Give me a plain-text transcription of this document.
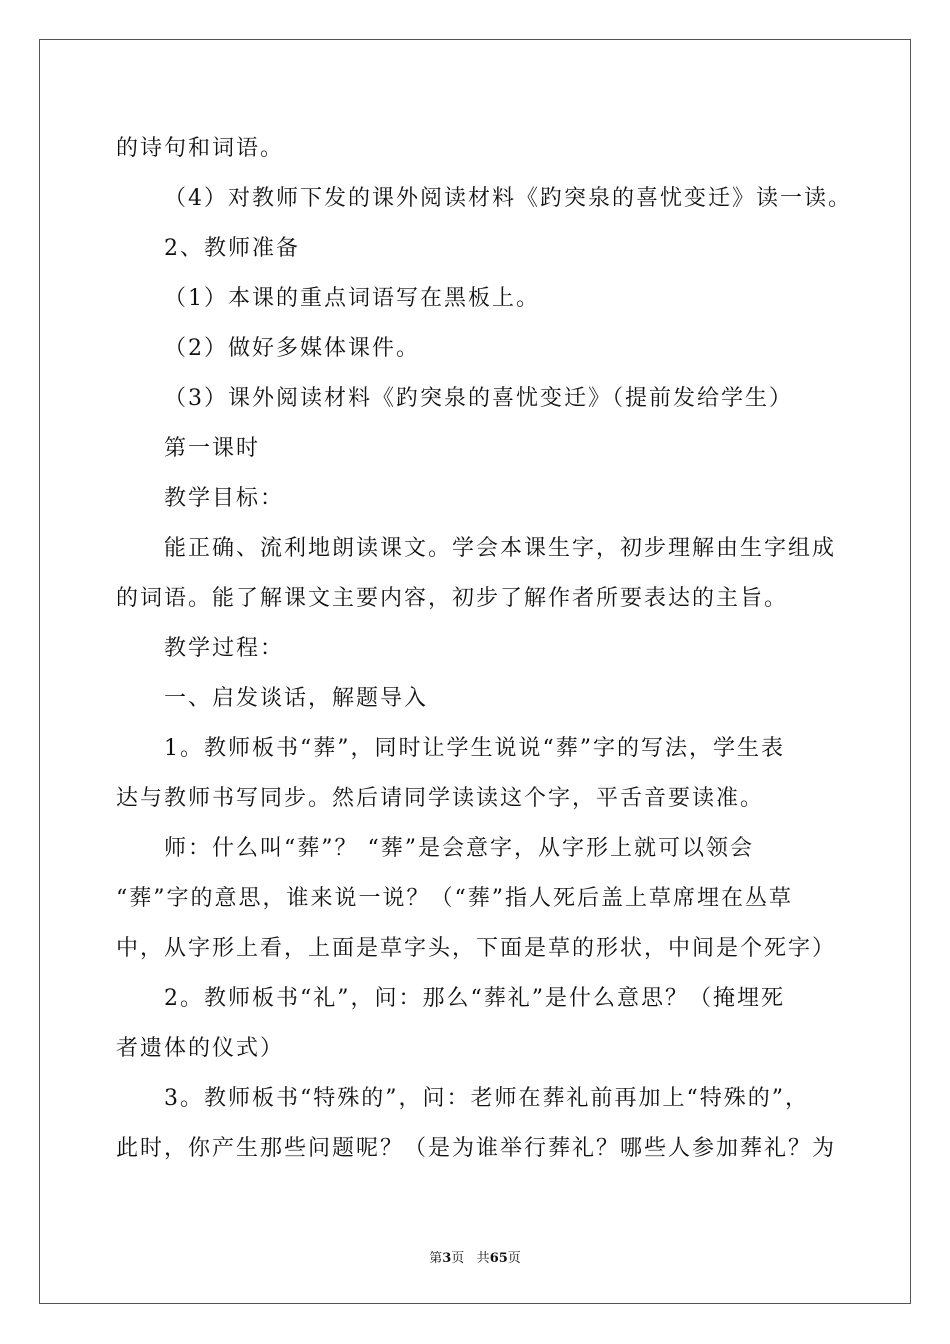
的诗句和词语。
（4）对教师下发的课外阅读材料《趵突泉的喜忧变迁》读一读。
2、教师准备
（1）本课的重点词语写在黑板上。
（2）做好多媒体课件。
（3）课外阅读材料《趵突泉的喜忧变迁》（提前发给学生）
第一课时
教学目标：
能正确、流利地朗读课文。学会本课生字，初步理解由生字组成
的词语。能了解课文主要内容，初步了解作者所要表达的主旨。
教学过程：
一、启发谈话，解题导入
1。教师板书“葬”，同时让学生说说“葬”字的写法，学生表
达与教师书写同步。然后请同学读读这个字，平舌音要读准。
师：什么叫“葬”？ “葬”是会意字，从字形上就可以领会
“葬”字的意思，谁来说一说？（“葬”指人死后盖上草席埋在丛草
中，从字形上看，上面是草字头，下面是草的形状，中间是个死字）
2。教师板书“礼”，问：那么“葬礼”是什么意思？（掩埋死
者遗体的仪式）
3。教师板书“特殊的”，问：老师在葬礼前再加上“特殊的”，
此时，你产生那些问题呢？（是为谁举行葬礼？哪些人参加葬礼？为
第3页 共65页
